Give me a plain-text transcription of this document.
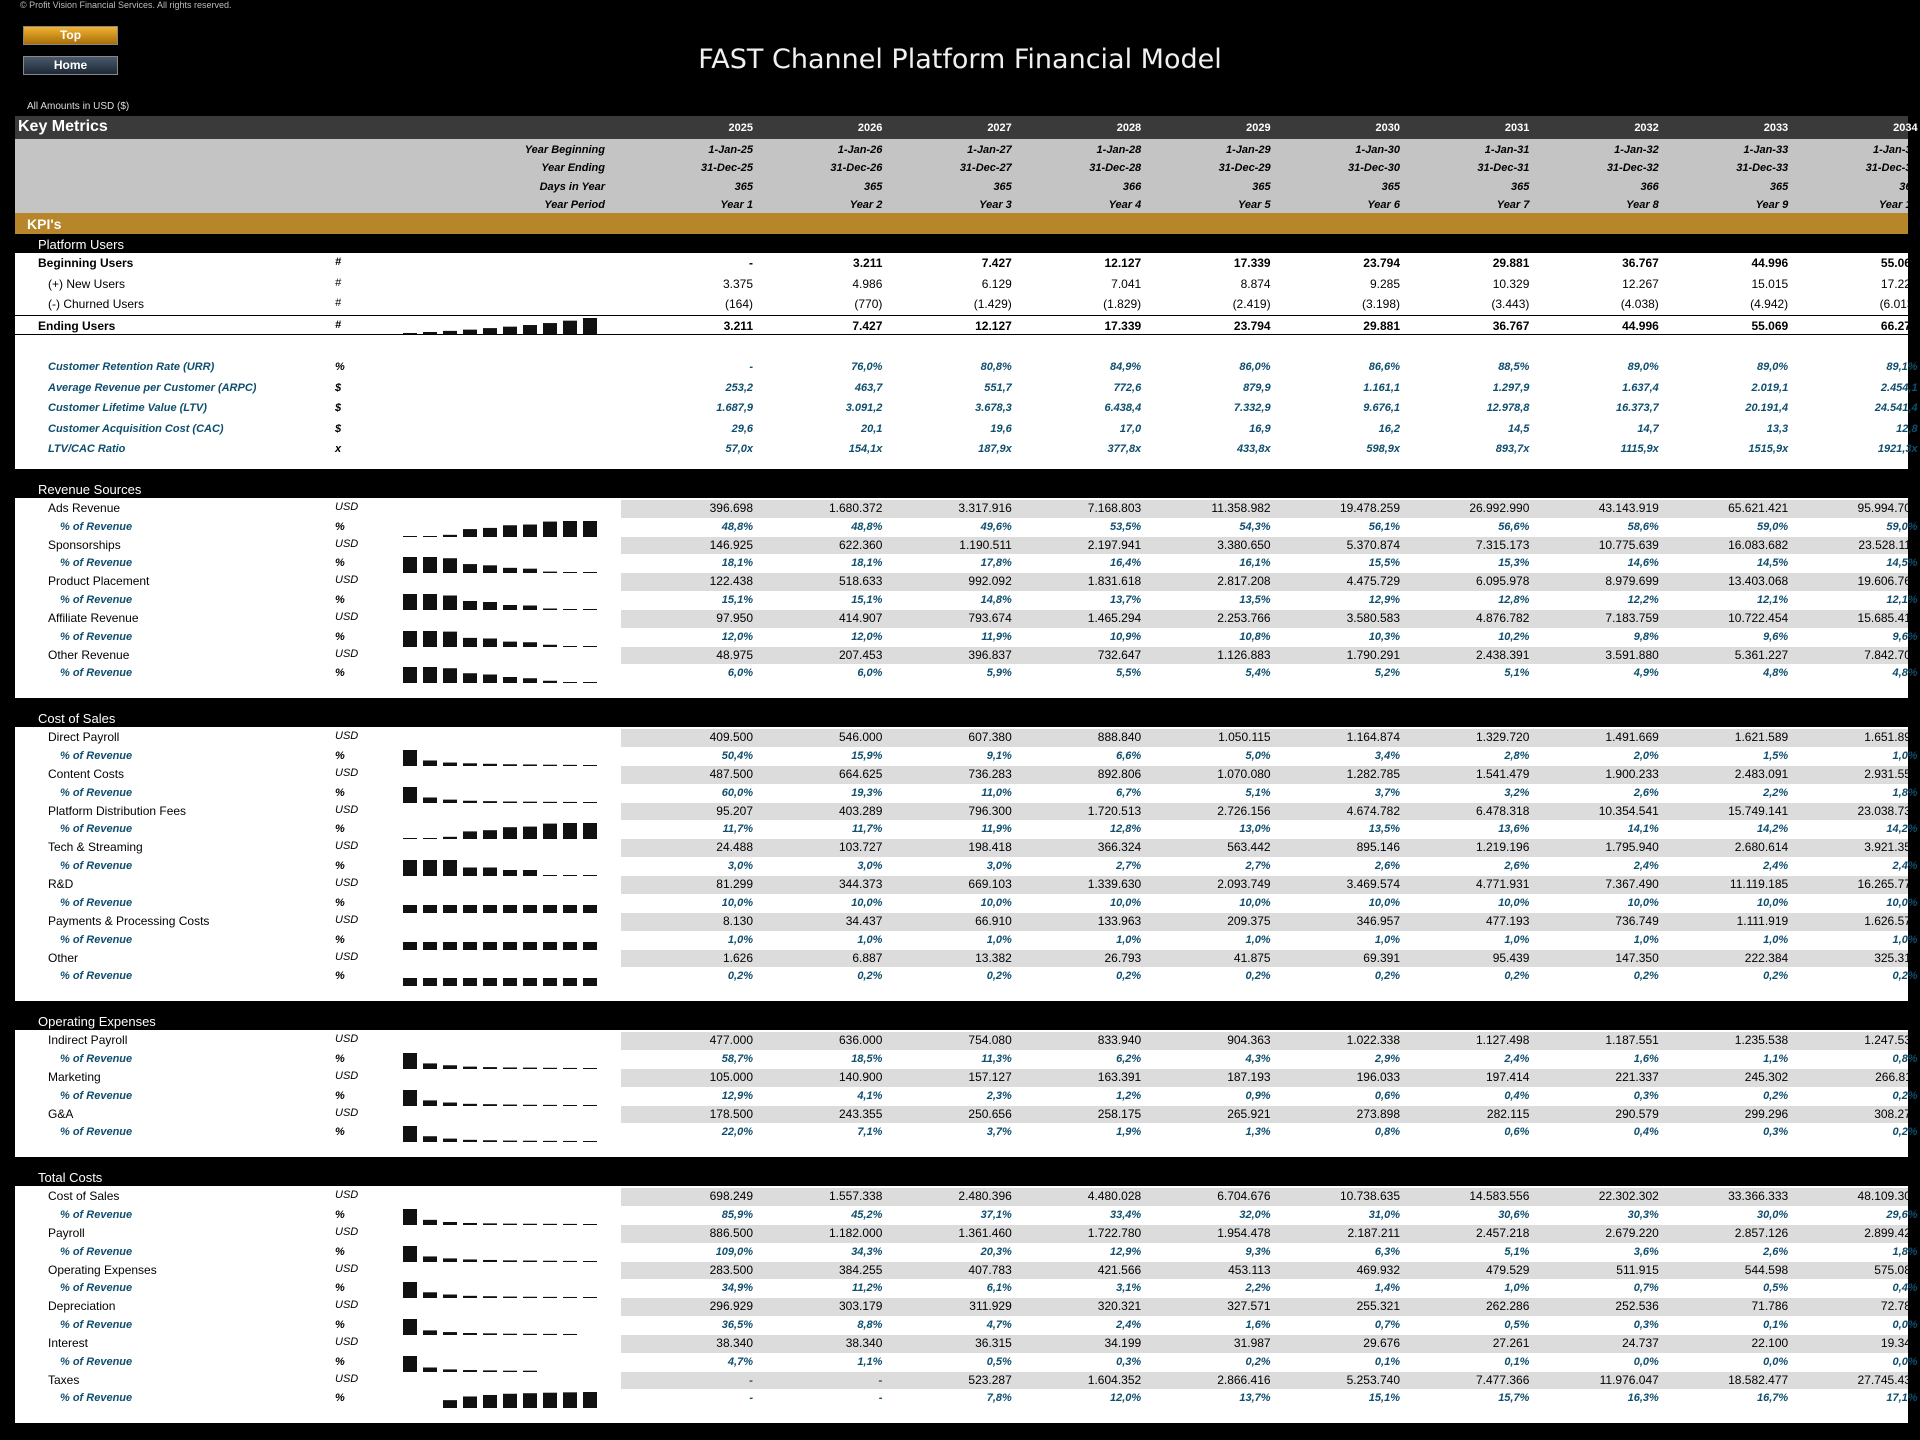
© Profit Vision Financial Services. All rights reserved.
Top
Home	FAST Channel Platform Financial Model
All Amounts in USD ($)
Key Metrics	2025	2026	2027	2028	2029	2030	2031	2032	2033	2034
Year Beginning	1-Jan-25	1-Jan-26	1-Jan-27	1-Jan-28	1-Jan-29	1-Jan-30	1-Jan-31	1-Jan-32	1-Jan-33	1-Jan-34
Year Ending	31-Dec-25	31-Dec-26	31-Dec-27	31-Dec-28	31-Dec-29	31-Dec-30	31-Dec-31	31-Dec-32	31-Dec-33	31-Dec-34
Days in Year	365	365	365	366	365	365	365	366	365	365
Year Period	Year 1	Year 2	Year 3	Year 4	Year 5	Year 6	Year 7	Year 8	Year 9	Year 10
KPI's
Platform Users
Beginning Users	#	-	3.211	7.427	12.127	17.339	23.794	29.881	36.767	44.996	55.069
(+) New Users	#	3.375	4.986	6.129	7.041	8.874	9.285	10.329	12.267	15.015	17.223
(-) Churned Users	#	(164)	(770)	(1.429)	(1.829)	(2.419)	(3.198)	(3.443)	(4.038)	(4.942)	(6.013)
Ending Users	#	3.211	7.427	12.127	17.339	23.794	29.881	36.767	44.996	55.069	66.279
Customer Retention Rate (URR)	%	-	76,0%	80,8%	84,9%	86,0%	86,6%	88,5%	89,0%	89,0%	89,1%
Average Revenue per Customer (ARPC)	$	253,2	463,7	551,7	772,6	879,9	1.161,1	1.297,9	1.637,4	2.019,1	2.454,1
Customer Lifetime Value (LTV)	$	1.687,9	3.091,2	3.678,3	6.438,4	7.332,9	9.676,1	12.978,8	16.373,7	20.191,4	24.541,4
Customer Acquisition Cost (CAC)	$	29,6	20,1	19,6	17,0	16,9	16,2	14,5	14,7	13,3	12,8
LTV/CAC Ratio	x	57,0x	154,1x	187,9x	377,8x	433,8x	598,9x	893,7x	1115,9x	1515,9x	1921,3x
Revenue Sources
Ads Revenue	USD	396.698	1.680.372	3.317.916	7.168.803	11.358.982	19.478.259	26.992.990	43.143.919	65.621.421	95.994.706
% of Revenue	%	48,8%	48,8%	49,6%	53,5%	54,3%	56,1%	56,6%	58,6%	59,0%	59,0%
Sponsorships	USD	146.925	622.360	1.190.511	2.197.941	3.380.650	5.370.874	7.315.173	10.775.639	16.083.682	23.528.114
% of Revenue	%	18,1%	18,1%	17,8%	16,4%	16,1%	15,5%	15,3%	14,6%	14,5%	14,5%
Product Placement	USD	122.438	518.633	992.092	1.831.618	2.817.208	4.475.729	6.095.978	8.979.699	13.403.068	19.606.762
% of Revenue	%	15,1%	15,1%	14,8%	13,7%	13,5%	12,9%	12,8%	12,2%	12,1%	12,1%
Affiliate Revenue	USD	97.950	414.907	793.674	1.465.294	2.253.766	3.580.583	4.876.782	7.183.759	10.722.454	15.685.410
% of Revenue	%	12,0%	12,0%	11,9%	10,9%	10,8%	10,3%	10,2%	9,8%	9,6%	9,6%
Other Revenue	USD	48.975	207.453	396.837	732.647	1.126.883	1.790.291	2.438.391	3.591.880	5.361.227	7.842.705
% of Revenue	%	6,0%	6,0%	5,9%	5,5%	5,4%	5,2%	5,1%	4,9%	4,8%	4,8%
Cost of Sales
Direct Payroll	USD	409.500	546.000	607.380	888.840	1.050.115	1.164.874	1.329.720	1.491.669	1.621.589	1.651.895
% of Revenue	%	50,4%	15,9%	9,1%	6,6%	5,0%	3,4%	2,8%	2,0%	1,5%	1,0%
Content Costs	USD	487.500	664.625	736.283	892.806	1.070.080	1.282.785	1.541.479	1.900.233	2.483.091	2.931.559
% of Revenue	%	60,0%	19,3%	11,0%	6,7%	5,1%	3,7%	3,2%	2,6%	2,2%	1,8%
Platform Distribution Fees	USD	95.207	403.289	796.300	1.720.513	2.726.156	4.674.782	6.478.318	10.354.541	15.749.141	23.038.730
% of Revenue	%	11,7%	11,7%	11,9%	12,8%	13,0%	13,5%	13,6%	14,1%	14,2%	14,2%
Tech & Streaming	USD	24.488	103.727	198.418	366.324	563.442	895.146	1.219.196	1.795.940	2.680.614	3.921.352
% of Revenue	%	3,0%	3,0%	3,0%	2,7%	2,7%	2,6%	2,6%	2,4%	2,4%	2,4%
R&D	USD	81.299	344.373	669.103	1.339.630	2.093.749	3.469.574	4.771.931	7.367.490	11.119.185	16.265.770
% of Revenue	%	10,0%	10,0%	10,0%	10,0%	10,0%	10,0%	10,0%	10,0%	10,0%	10,0%
Payments & Processing Costs	USD	8.130	34.437	66.910	133.963	209.375	346.957	477.193	736.749	1.111.919	1.626.577
% of Revenue	%	1,0%	1,0%	1,0%	1,0%	1,0%	1,0%	1,0%	1,0%	1,0%	1,0%
Other	USD	1.626	6.887	13.382	26.793	41.875	69.391	95.439	147.350	222.384	325.315
% of Revenue	%	0,2%	0,2%	0,2%	0,2%	0,2%	0,2%	0,2%	0,2%	0,2%	0,2%
Operating Expenses
Indirect Payroll	USD	477.000	636.000	754.080	833.940	904.363	1.022.338	1.127.498	1.187.551	1.235.538	1.247.533
% of Revenue	%	58,7%	18,5%	11,3%	6,2%	4,3%	2,9%	2,4%	1,6%	1,1%	0,8%
Marketing	USD	105.000	140.900	157.127	163.391	187.193	196.033	197.414	221.337	245.302	266.811
% of Revenue	%	12,9%	4,1%	2,3%	1,2%	0,9%	0,6%	0,4%	0,3%	0,2%	0,2%
G&A	USD	178.500	243.355	250.656	258.175	265.921	273.898	282.115	290.579	299.296	308.275
% of Revenue	%	22,0%	7,1%	3,7%	1,9%	1,3%	0,8%	0,6%	0,4%	0,3%	0,2%
Total Costs
Cost of Sales	USD	698.249	1.557.338	2.480.396	4.480.028	6.704.676	10.738.635	14.583.556	22.302.302	33.366.333	48.109.303
% of Revenue	%	85,9%	45,2%	37,1%	33,4%	32,0%	31,0%	30,6%	30,3%	30,0%	29,6%
Payroll	USD	886.500	1.182.000	1.361.460	1.722.780	1.954.478	2.187.211	2.457.218	2.679.220	2.857.126	2.899.428
% of Revenue	%	109,0%	34,3%	20,3%	12,9%	9,3%	6,3%	5,1%	3,6%	2,6%	1,8%
Operating Expenses	USD	283.500	384.255	407.783	421.566	453.113	469.932	479.529	511.915	544.598	575.086
% of Revenue	%	34,9%	11,2%	6,1%	3,1%	2,2%	1,4%	1,0%	0,7%	0,5%	0,4%
Depreciation	USD	296.929	303.179	311.929	320.321	327.571	255.321	262.286	252.536	71.786	72.786
% of Revenue	%	36,5%	8,8%	4,7%	2,4%	1,6%	0,7%	0,5%	0,3%	0,1%	0,0%
Interest	USD	38.340	38.340	36.315	34.199	31.987	29.676	27.261	24.737	22.100	19.344
% of Revenue	%	4,7%	1,1%	0,5%	0,3%	0,2%	0,1%	0,1%	0,0%	0,0%	0,0%
Taxes	USD	-	-	523.287	1.604.352	2.866.416	5.253.740	7.477.366	11.976.047	18.582.477	27.745.437
% of Revenue	%	-	-	7,8%	12,0%	13,7%	15,1%	15,7%	16,3%	16,7%	17,1%
